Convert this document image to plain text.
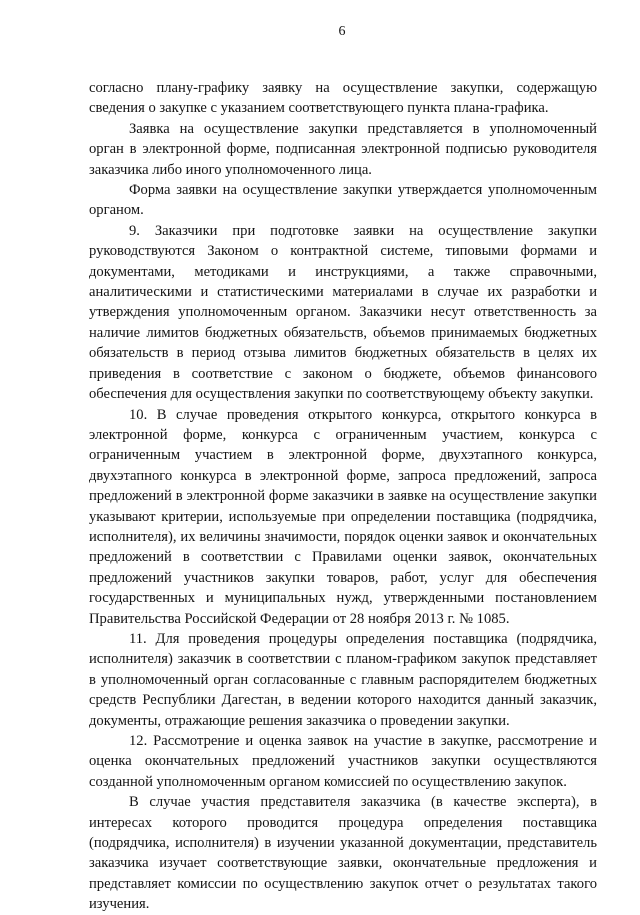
6

согласно плану-графику заявку на осуществление закупки, содержащую сведения о закупке с указанием соответствующего пункта плана-графика.

Заявка на осуществление закупки представляется в уполномоченный орган в электронной форме, подписанная электронной подписью руководителя заказчика либо иного уполномоченного лица.

Форма заявки на осуществление закупки утверждается уполномоченным органом.

9. Заказчики при подготовке заявки на осуществление закупки руководствуются Законом о контрактной системе, типовыми формами и документами, методиками и инструкциями, а также справочными, аналитическими и статистическими материалами в случае их разработки и утверждения уполномоченным органом. Заказчики несут ответственность за наличие лимитов бюджетных обязательств, объемов принимаемых бюджетных обязательств в период отзыва лимитов бюджетных обязательств в целях их приведения в соответствие с законом о бюджете, объемов финансового обеспечения для осуществления закупки по соответствующему объекту закупки.

10. В случае проведения открытого конкурса, открытого конкурса в электронной форме, конкурса с ограниченным участием, конкурса с ограниченным участием в электронной форме, двухэтапного конкурса, двухэтапного конкурса в электронной форме, запроса предложений, запроса предложений в электронной форме заказчики в заявке на осуществление закупки указывают критерии, используемые при определении поставщика (подрядчика, исполнителя), их величины значимости, порядок оценки заявок и окончательных предложений в соответствии с Правилами оценки заявок, окончательных предложений участников закупки товаров, работ, услуг для обеспечения государственных и муниципальных нужд, утвержденными постановлением Правительства Российской Федерации от 28 ноября 2013 г. № 1085.

11. Для проведения процедуры определения поставщика (подрядчика, исполнителя) заказчик в соответствии с планом-графиком закупок представляет в уполномоченный орган согласованные с главным распорядителем бюджетных средств Республики Дагестан, в ведении которого находится данный заказчик, документы, отражающие решения заказчика о проведении закупки.

12. Рассмотрение и оценка заявок на участие в закупке, рассмотрение и оценка окончательных предложений участников закупки осуществляются созданной уполномоченным органом комиссией по осуществлению закупок.

В случае участия представителя заказчика (в качестве эксперта), в интересах которого проводится процедура определения поставщика (подрядчика, исполнителя) в изучении указанной документации, представитель заказчика изучает соответствующие заявки, окончательные предложения и представляет комиссии по осуществлению закупок отчет о результатах такого изучения.
